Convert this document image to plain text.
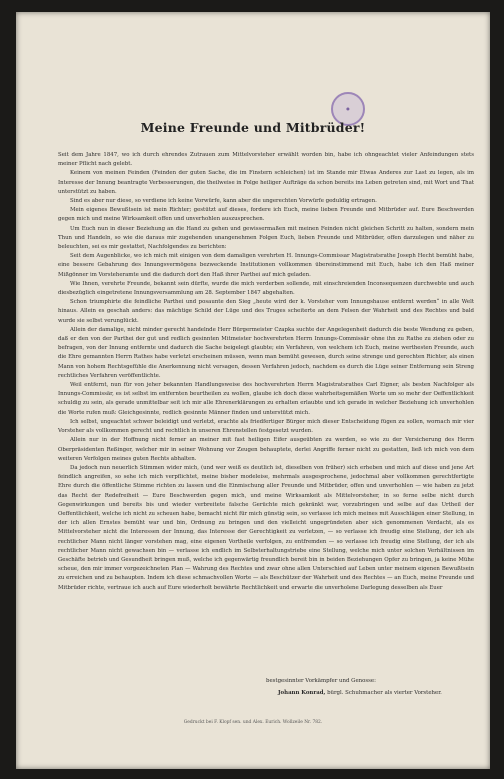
●
Meine Freunde und Mitbrüder!

Seit dem Jahre 1847, wo ich durch ehrendes Zutrauen zum Mittelvorsteher erwählt worden bin, habe ich ohngeachtet vieler Anfeindungen stets meiner Pflicht nach gelebt.

Keinem von meinen Feinden (Feinden der guten Sache, die im Finstern schleichen) ist im Stande mir Etwas Anderes zur Last zu legen, als im Interesse der Innung beantragte Verbesserungen, die theilweise in Folge heiliger Aufträge da schon bereits ins Leben getreten sind, mit Wort und That unterstützt zu haben.

Sind es aber nur diese, so verdiene ich keine Vorwürfe, kann aber die ungerechten Vorwürfe geduldig ertragen.

Mein eigenes Bewußtsein ist mein Richter; gestützt auf dieses, fordere ich Euch, meine lieben Freunde und Mitbrüder auf. Eure Beschwerden gegen mich und meine Wirksamkeit offen und unverhohlen auszusprechen.

Um Euch nun in dieser Beziehung an die Hand zu gehen und gewissermaßen mit meinen Feinden nicht gleichen Schritt zu halten, sondern mein Thun und Handeln, so wie die daraus mir zugehenden unangenehmen Folgen Euch, lieben Freunde und Mitbrüder, offen darzulegen und näher zu beleuchten, sei es mir gestattet, Nachfolgendes zu berichten:

Seit dem Augenblicke, wo ich mich mit einigen von dem damaligen verehrten H. Innungs-Commissar Magistratsrathe Joseph Hecht bemüht habe, eine bessere Gebahrung des Innungsvermögens bezweckende Institutionen vollkommen übereinstimmend mit Euch, habe ich den Haß meiner Mißgönner im Vorsteheramte und die dadurch dort den Haß ihrer Parthei auf mich geladen.

Wie Ihnen, verehrte Freunde, bekannt sein dürfte, wurde die mich verderben sollende, mit einschreienden Inconsequenzen durchwebte und auch diesbezüglich eingetretene Innungsversammlung am 28. September 1847 abgehalten.

Schon triumphirte die feindliche Parthei und posaunte den Sieg „heute wird der k. Vorsteher vom Innungshause entfernt werden“ in alle Welt hinaus. Allein es geschah anders: das mächtige Schild der Lüge und des Truges scheiterte an dem Felsen der Wahrheit und des Rechtes und bald wurde sie selbst verunglückt.

Allein der damalige, nicht minder gerecht handelnde Herr Bürgermeister Czapka suchte der Angelegenheit dadurch die beste Wendung zu geben, daß er den von der Parthei der gut und redlich gesinnten Mitmeister hochverehrten Herrn Innungs-Commissär ohne ihn zu Rathe zu ziehen oder zu befragen, von der Innung entfernte und dadurch die Sache beigelegt glaubte; ein Verfahren, von welchem ich Euch, meine werthesten Freunde, auch die Ehre gemannten Herrn Rathes habe verletzt erscheinen müssen, wenn man bemüht gewesen, durch seine strenge und gerechten Richter, als einen Mann von hohem Rechtsgefühle die Anerkennung nicht versagen, dessen Verfahren jedoch, nachdem es durch die Lüge seiner Entfernung sein Streng rechtliches Verfahren veröffentlichte.

Weil entfernt, nun für von jeher bekannten Handlungsweise des hochverehrten Herrn Magistratsrathes Carl Eigner, als besten Nachfolger als Innungs-Commissär, es ist selbst im entfernten beurtheilen zu wollen, glaube ich doch diese wahrheitsgemäßen Worte um so mehr der Oeffentlichkeit schuldig zu sein, als gerade unmittelbar seit ich mir alle Ehrenerklärungen zu erhalten erlaubte und ich gerade in welcher Beziehung ich unverhohlen die Worte rufen muß: Gleichgesinnte, redlich gesinnte Männer finden und unterstützt mich.

Ich selbst, ungeachtet schwer beleidigt und verletzt, erachte als friedfertiger Bürger mich dieser Entscheidung fügen zu sollen, wornach mir vier Vorsteher als vollkommen gerecht und rechtlich in unseren Ehrenstellen festgesetzt wurden.

Allein nur in der Hoffnung nicht ferner an meiner mit fast heiligen Eifer ausgeübten zu werden, so wie zu der Versicherung des Herrn Oberpräsidenten Reßinger, welcher mir in seiner Wohnung vor Zeugen behauptete, derlei Angriffe ferner nicht zu gestatten, ließ ich mich von dem weiteren Verfolgen meines guten Rechts abhalten.

Da jedoch nun neuerlich Stimmen wider mich, (und wer weiß es deutlich ist, dieselben von früher) sich erheben und mich auf diese und jene Art feindlich angreifen, so sehe ich mich verpflichtet, meine bisher modeleise, mehrmals ausgesprochene, jedochmal aber vollkommen gerechtfertigte Ehre durch die öffentliche Stimme richten zu lassen und die Einmischung aller Freunde und Mitbrüder, offen und unverhohlen — wie haben zu jetzt das Recht der Redefreiheit — Eure Beschwerden gegen mich, und meine Wirksamkeit als Mittelvorsteher, in so ferne selbe nicht durch Gegenwirkungen und bereits bis und wieder verbreitete falsche Gerüchte mich gekränkt war, vorzubringen und selbe auf das Urtheil der Oeffentlichkeit, welche ich nicht zu scheuen habe, bemacht nicht für mich günstig sein, so verlasse ich mich meines mit Ausschlägen einer Stellung, in der ich allen Ernstes bemüht war und bin, Ordnung zu bringen und den vielleicht ungegründeten aber sich genommenen Verdacht, als es Mittelvorsteher nicht die Interessen der Innung, das Interesse der Gerechtigkeit zu verletzen, — so verlasse ich freudig eine Stellung, der ich als rechtlicher Mann nicht länger vorstehen mag, eine eigenen Vortheile verfolgen, zu entfremden — so verlasse ich freudig eine Stellung, der ich als rechtlicher Mann nicht gewachsen bin — verlasse ich endlich im Selbsterhaltungstriebe eine Stellung, welche mich unter solchen Verhältnissen im Geschäfte betrieb und Gesundheit bringen muß, welche ich gegenwärtig freundlich bereit bin in beiden Beziehungen Opfer zu bringen, ja keine Mühe scheue, den mir immer vorgezeichneten Plan — Wahrung des Rechtes und zwar ohne allen Unterschied auf Leben unter meinem eigenen Bewußtsein zu erreichen und zu behaupten. Indem ich diese schmachvollen Worte — als Beschützer der Wahrheit und des Rechtes — an Euch, meine Freunde und Mitbrüder richte, vertraue ich auch auf Eure wiederholt bewährte Rechtlichkeit und erwarte die unverholene Darlegung desselben als Euer

bestgesinnter Vorkämpfer und Genosse:
Johann Konrad, bürgl. Schuhmacher als vierter Vorsteher.
Gedruckt bei F. Klopf sen. und Alex. Eurich. Wollzeile Nr. 782.
